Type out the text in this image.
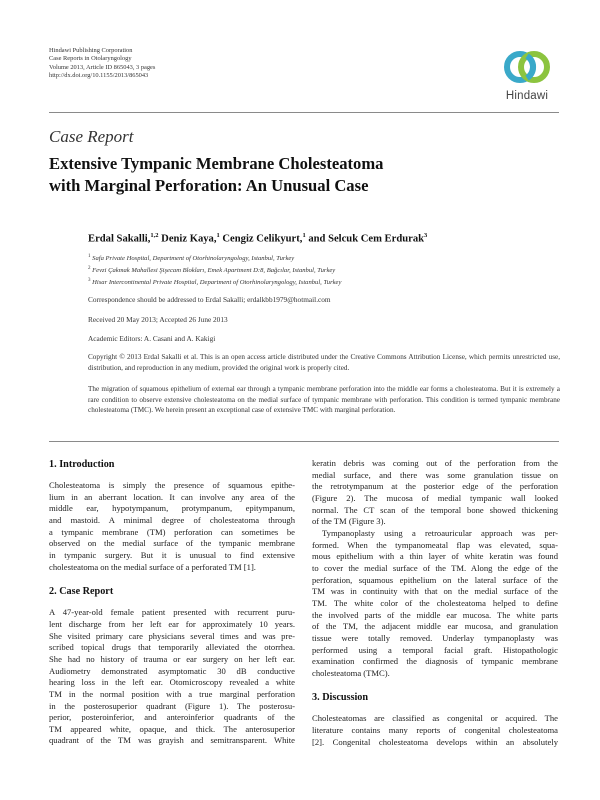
Hindawi Publishing Corporation
Case Reports in Otolaryngology
Volume 2013, Article ID 865043, 3 pages
http://dx.doi.org/10.1155/2013/865043
Hindawi
Case Report
Extensive Tympanic Membrane Cholesteatoma
with Marginal Perforation: An Unusual Case
Erdal Sakalli,$^{1,2}$ Deniz Kaya,$^1$ Cengiz Celikyurt,$^1$ and Selcuk Cem Erdurak$^3$
$^1$ Safa Private Hospital, Department of Otorhinolaryngology, Istanbul, Turkey
$^2$ Fevzi Çakmak Mahallesi Şişecam Blokları, Emek Apartment D:8, Bağcılar, Istanbul, Turkey
$^3$ Hisar Intercontinental Private Hospital, Department of Otorhinolaryngology, Istanbul, Turkey
Correspondence should be addressed to Erdal Sakalli; erdalkbb1979@hotmail.com
Received 20 May 2013; Accepted 26 June 2013
Academic Editors: A. Casani and A. Kakigi
Copyright © 2013 Erdal Sakalli et al. This is an open access article distributed under the Creative Commons Attribution License, which permits unrestricted use, distribution, and reproduction in any medium, provided the original work is properly cited.
The migration of squamous epithelium of external ear through a tympanic membrane perforation into the middle ear forms a cholesteatoma. But it is extremely a rare condition to observe extensive cholesteatoma on the medial surface of tympanic membrane with perforation. This condition is termed tympanic membrane cholesteatoma (TMC). We herein present an exceptional case of extensive TMC with marginal perforation.
1. Introduction
Cholesteatoma is simply the presence of squamous epithe-
lium in an aberrant location. It can involve any area of the
middle ear, hypotympanum, protympanum, epitympanum,
and mastoid. A minimal degree of cholesteatoma through
a tympanic membrane (TM) perforation can sometimes be
observed on the medial surface of the tympanic membrane
in tympanic surgery. But it is unusual to find extensive
cholesteatoma on the medial surface of a perforated TM [1].
2. Case Report
A 47-year-old female patient presented with recurrent puru-
lent discharge from her left ear for approximately 10 years.
She visited primary care physicians several times and was pre-
scribed topical drugs that temporarily alleviated the otorrhea.
She had no history of trauma or ear surgery on her left ear.
Audiometry demonstrated asymptomatic 30 dB conductive
hearing loss in the left ear. Otomicroscopy revealed a white
TM in the normal position with a true marginal perforation
in the posterosuperior quadrant (Figure 1). The posterosu-
perior, posteroinferior, and anteroinferior quadrants of the
TM appeared white, opaque, and thick. The anterosuperior
quadrant of the TM was grayish and semitransparent. White
keratin debris was coming out of the perforation from the
medial surface, and there was some granulation tissue on
the retrotympanum at the posterior edge of the perforation
(Figure 2). The mucosa of medial tympanic wall looked
normal. The CT scan of the temporal bone showed thickening
of the TM (Figure 3).
Tympanoplasty using a retroauricular approach was per-
formed. When the tympanomeatal flap was elevated, squa-
mous epithelium with a thin layer of white keratin was found
to cover the medial surface of the TM. Along the edge of the
perforation, squamous epithelium on the lateral surface of the
TM was in continuity with that on the medial surface of the
TM. The white color of the cholesteatoma helped to define
the involved parts of the middle ear mucosa. The white parts
of the TM, the adjacent middle ear mucosa, and granulation
tissue were totally removed. Underlay tympanoplasty was
performed using a temporal facial graft. Histopathologic
examination confirmed the diagnosis of tympanic membrane
cholesteatoma (TMC).
3. Discussion
Cholesteatomas are classified as congenital or acquired. The
literature contains many reports of congenital cholesteatoma
[2]. Congenital cholesteatoma develops within an absolutely
